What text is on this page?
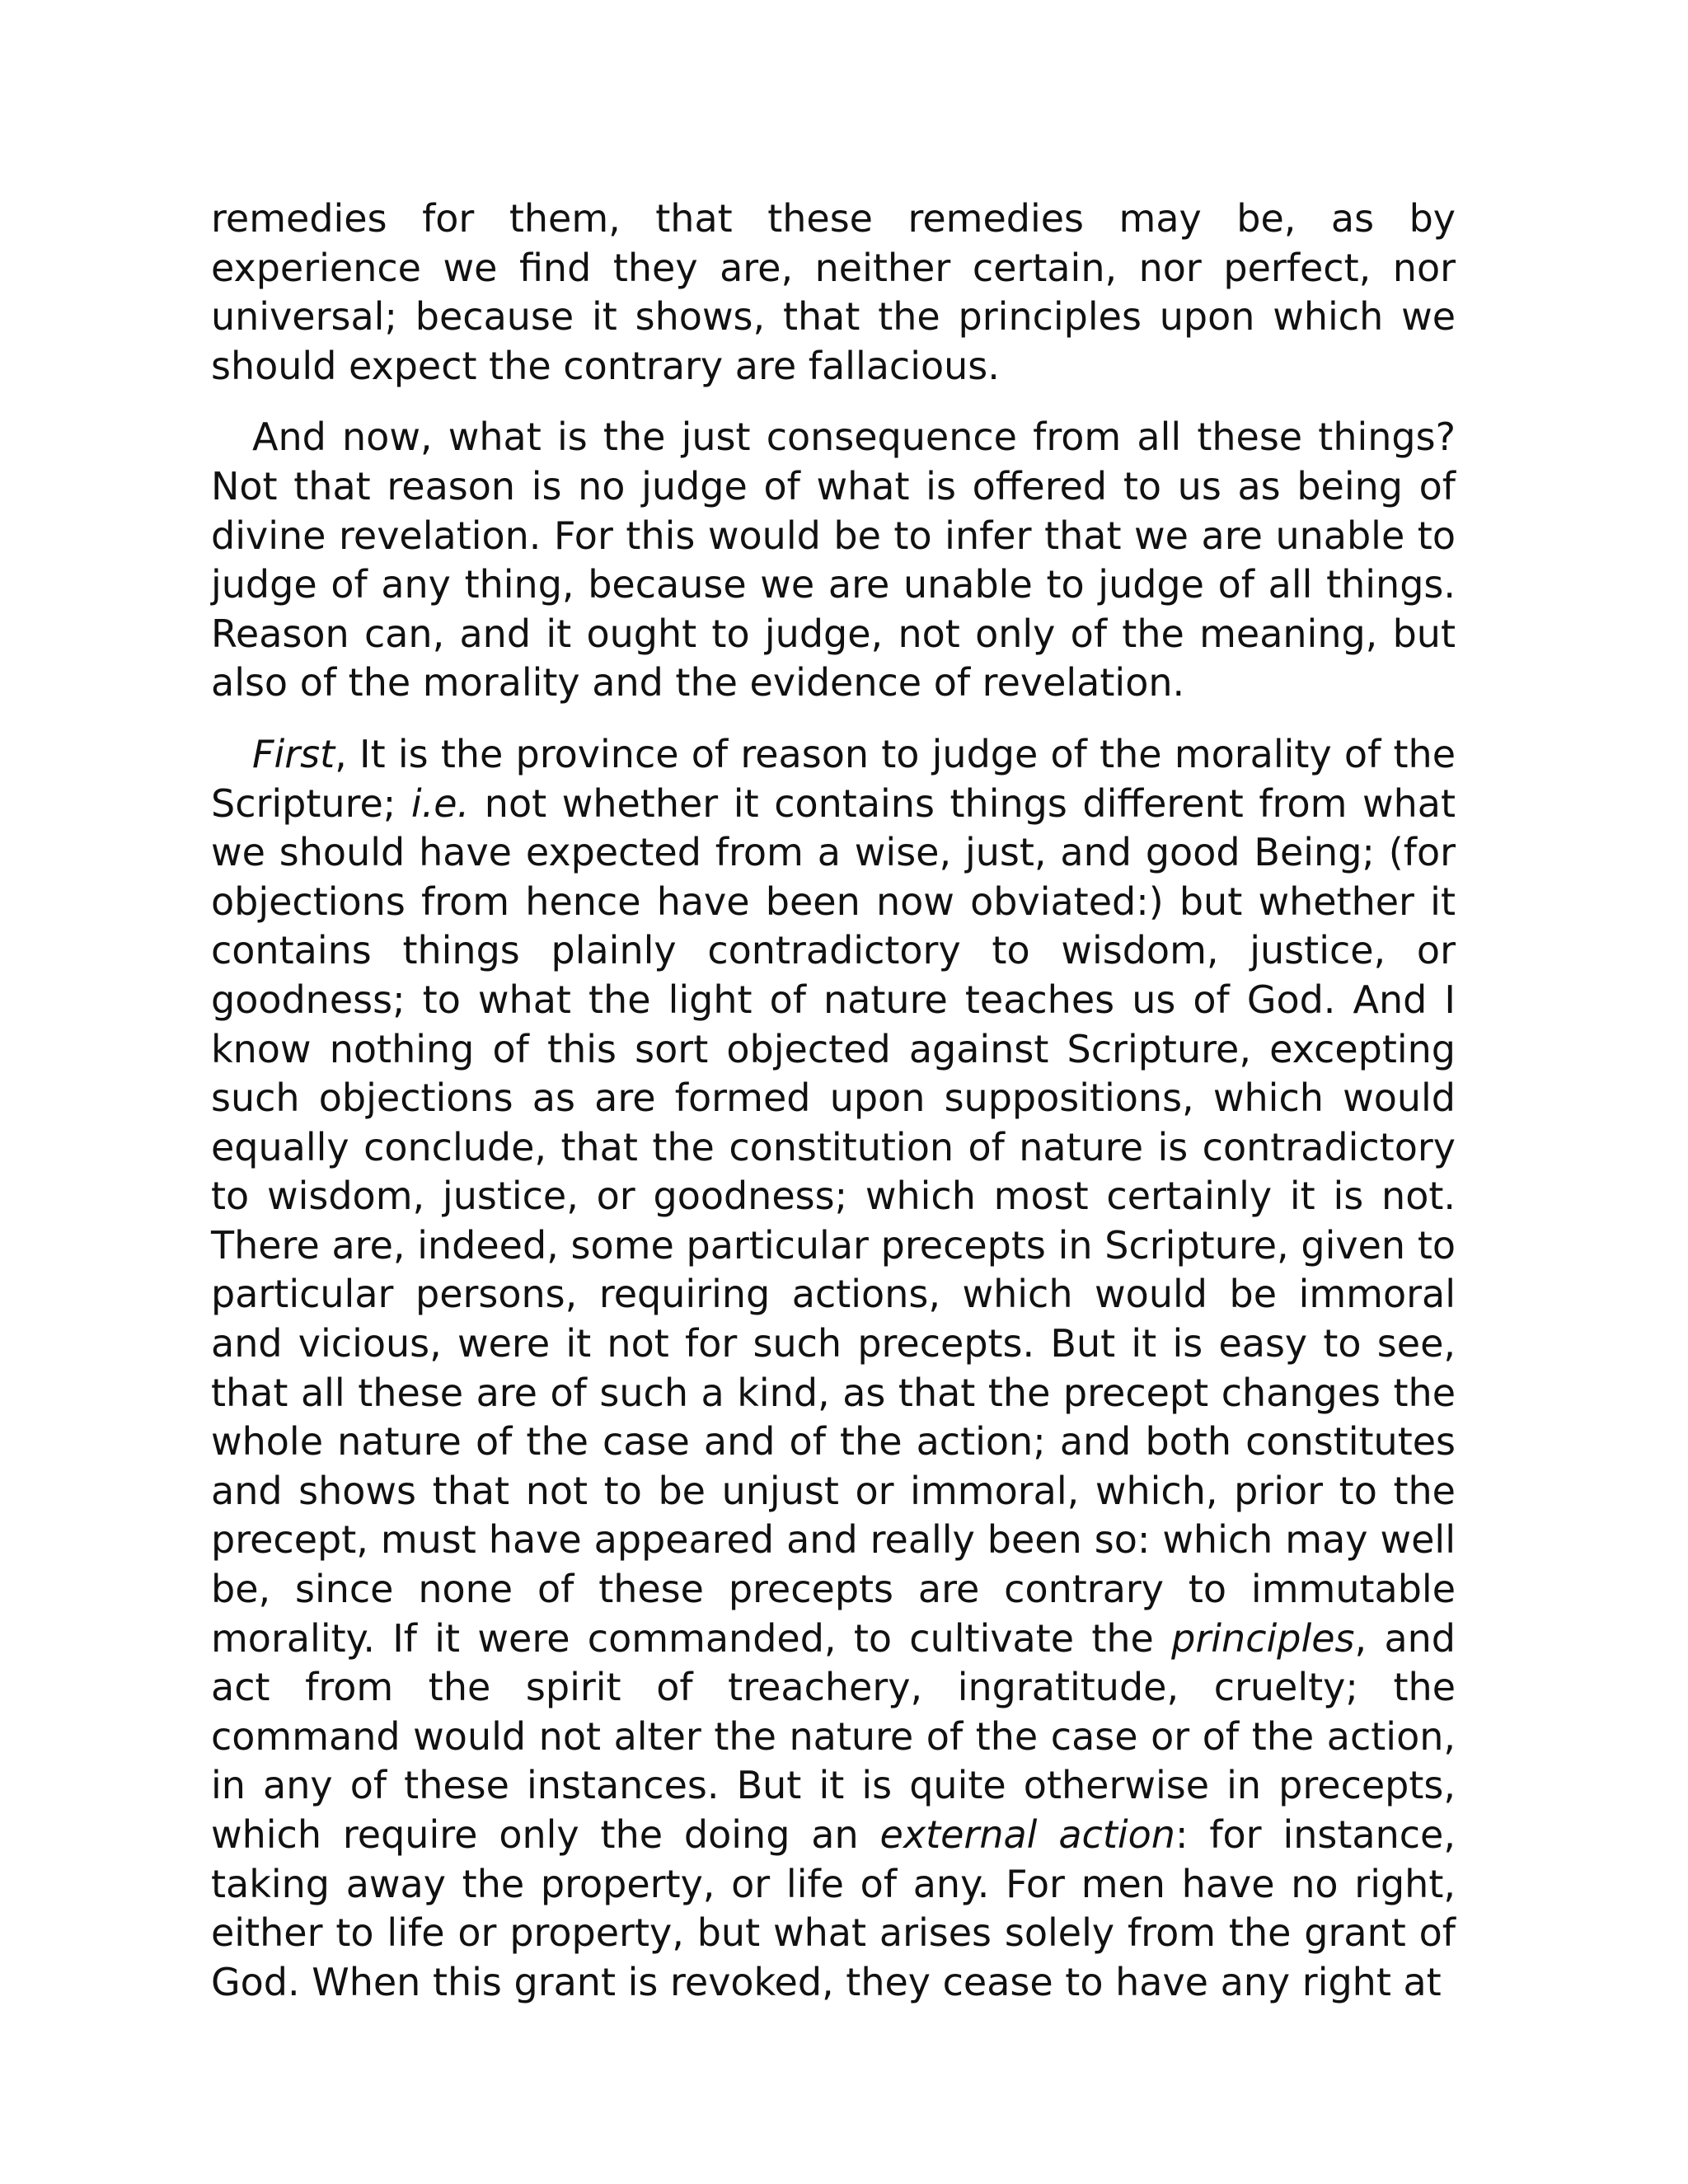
remedies for them, that these remedies may be, as by experience we find they are, neither certain, nor perfect, nor universal; because it shows, that the principles upon which we should expect the contrary are fallacious.

And now, what is the just consequence from all these things? Not that reason is no judge of what is offered to us as being of divine revelation. For this would be to infer that we are unable to judge of any thing, because we are unable to judge of all things. Reason can, and it ought to judge, not only of the meaning, but also of the morality and the evidence of revelation.

First, It is the province of reason to judge of the morality of the Scripture; i.e. not whether it contains things different from what we should have expected from a wise, just, and good Being; (for objections from hence have been now obviated:) but whether it contains things plainly contradictory to wisdom, justice, or goodness; to what the light of nature teaches us of God. And I know nothing of this sort objected against Scripture, excepting such objections as are formed upon suppositions, which would equally conclude, that the constitution of nature is contradictory to wisdom, justice, or goodness; which most certainly it is not. There are, indeed, some particular precepts in Scripture, given to particular persons, requiring actions, which would be immoral and vicious, were it not for such precepts. But it is easy to see, that all these are of such a kind, as that the precept changes the whole nature of the case and of the action; and both constitutes and shows that not to be unjust or immoral, which, prior to the precept, must have appeared and really been so: which may well be, since none of these precepts are contrary to immutable morality. If it were commanded, to cultivate the principles, and act from the spirit of treachery, ingratitude, cruelty; the command would not alter the nature of the case or of the action, in any of these instances. But it is quite otherwise in precepts, which require only the doing an external action: for instance, taking away the property, or life of any. For men have no right, either to life or property, but what arises solely from the grant of God. When this grant is revoked, they cease to have any right at
